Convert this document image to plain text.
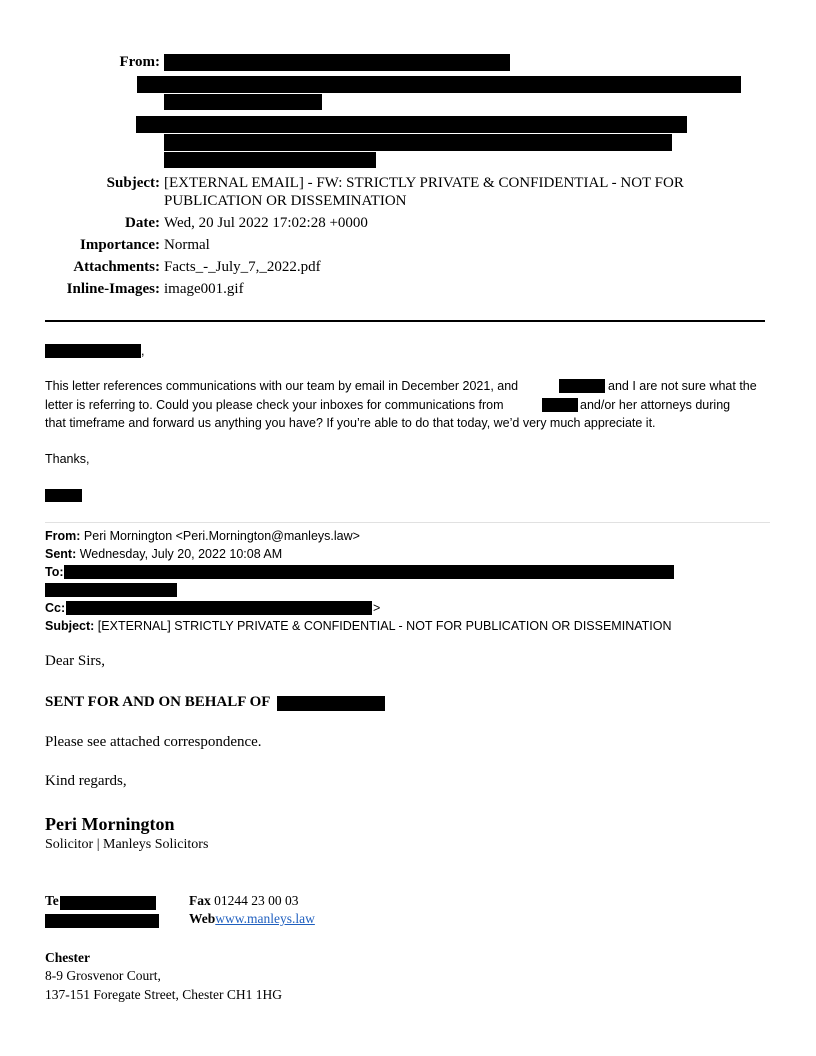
From:
Subject: [EXTERNAL EMAIL] - FW: STRICTLY PRIVATE & CONFIDENTIAL - NOT FOR
PUBLICATION OR DISSEMINATION
Date: Wed, 20 Jul 2022 17:02:28 +0000
Importance: Normal
Attachments: Facts_-_July_7,_2022.pdf
Inline-Images: image001.gif
,
This letter references communications with our team by email in December 2021, and	and I are not sure what the
letter is referring to. Could you please check your inboxes for communications from	and/or her attorneys during
that timeframe and forward us anything you have? If you’re able to do that today, we’d very much appreciate it.
Thanks,
From: Peri Mornington <Peri.Mornington@manleys.law>
Sent: Wednesday, July 20, 2022 10:08 AM
To:
Cc:	>
Subject: [EXTERNAL] STRICTLY PRIVATE & CONFIDENTIAL - NOT FOR PUBLICATION OR DISSEMINATION
Dear Sirs,
SENT FOR AND ON BEHALF OF
Please see attached correspondence.
Kind regards,
Peri Mornington
Solicitor | Manleys Solicitors
Te	Fax 01244 23 00 03
Webwww.manleys.law
Chester
8-9 Grosvenor Court,
137-151 Foregate Street, Chester CH1 1HG
